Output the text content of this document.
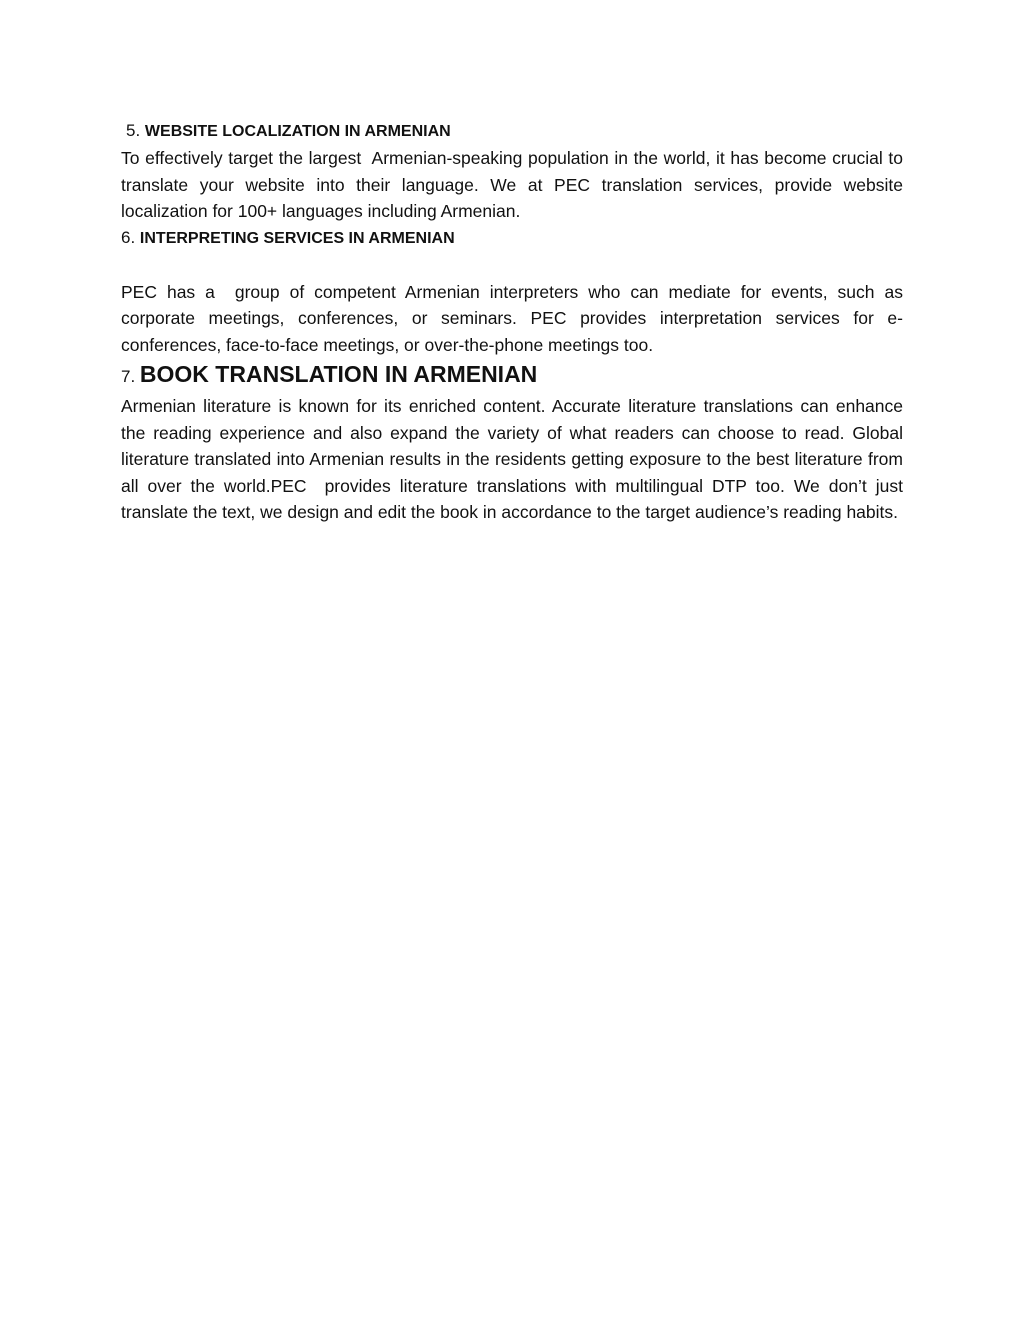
5. WEBSITE LOCALIZATION IN ARMENIAN

To effectively target the largest  Armenian-speaking population in the world, it has become crucial to translate your website into their language. We at PEC translation services, provide website localization for 100+ languages including Armenian.

6. INTERPRETING SERVICES IN ARMENIAN

PEC has a  group of competent Armenian interpreters who can mediate for events, such as corporate meetings, conferences, or seminars. PEC provides interpretation services for e-conferences, face-to-face meetings, or over-the-phone meetings too.

7. BOOK TRANSLATION IN ARMENIAN

Armenian literature is known for its enriched content. Accurate literature translations can enhance the reading experience and also expand the variety of what readers can choose to read. Global literature translated into Armenian results in the residents getting exposure to the best literature from all over the world.PEC  provides literature translations with multilingual DTP too. We don’t just translate the text, we design and edit the book in accordance to the target audience’s reading habits.
